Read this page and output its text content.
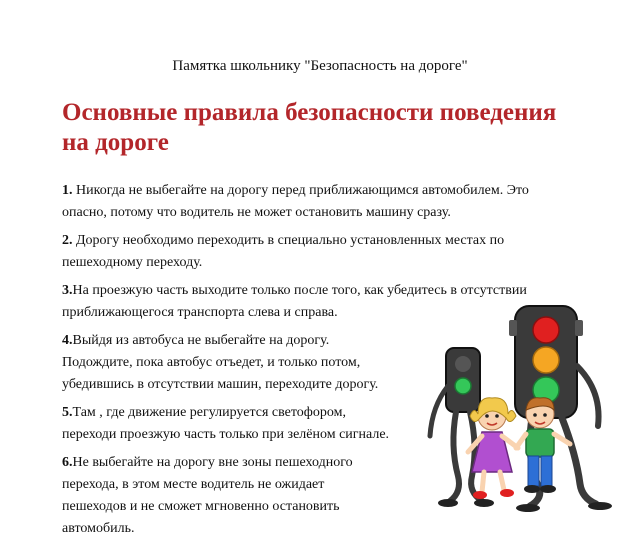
Памятка школьнику "Безопасность на дороге"
Основные правила безопасности поведения
на дороге
1. Никогда не выбегайте на дорогу перед приближающимся автомобилем. Это
опасно, потому что водитель не может остановить машину сразу.
2. Дорогу необходимо переходить в специально установленных местах по
пешеходному переходу.
3.На проезжую часть выходите только после того, как убедитесь в отсутствии
приближающегося транспорта слева и справа.
4.Выйдя из автобуса не выбегайте на дорогу.
Подождите, пока автобус отъедет, и только потом,
убедившись в отсутствии машин, переходите дорогу.
5.Там , где движение регулируется светофором,
переходи проезжую часть только при зелёном сигнале.
6.Не выбегайте на дорогу вне зоны пешеходного
перехода, в этом месте водитель не ожидает
пешеходов и не сможет мгновенно остановить
автомобиль.
